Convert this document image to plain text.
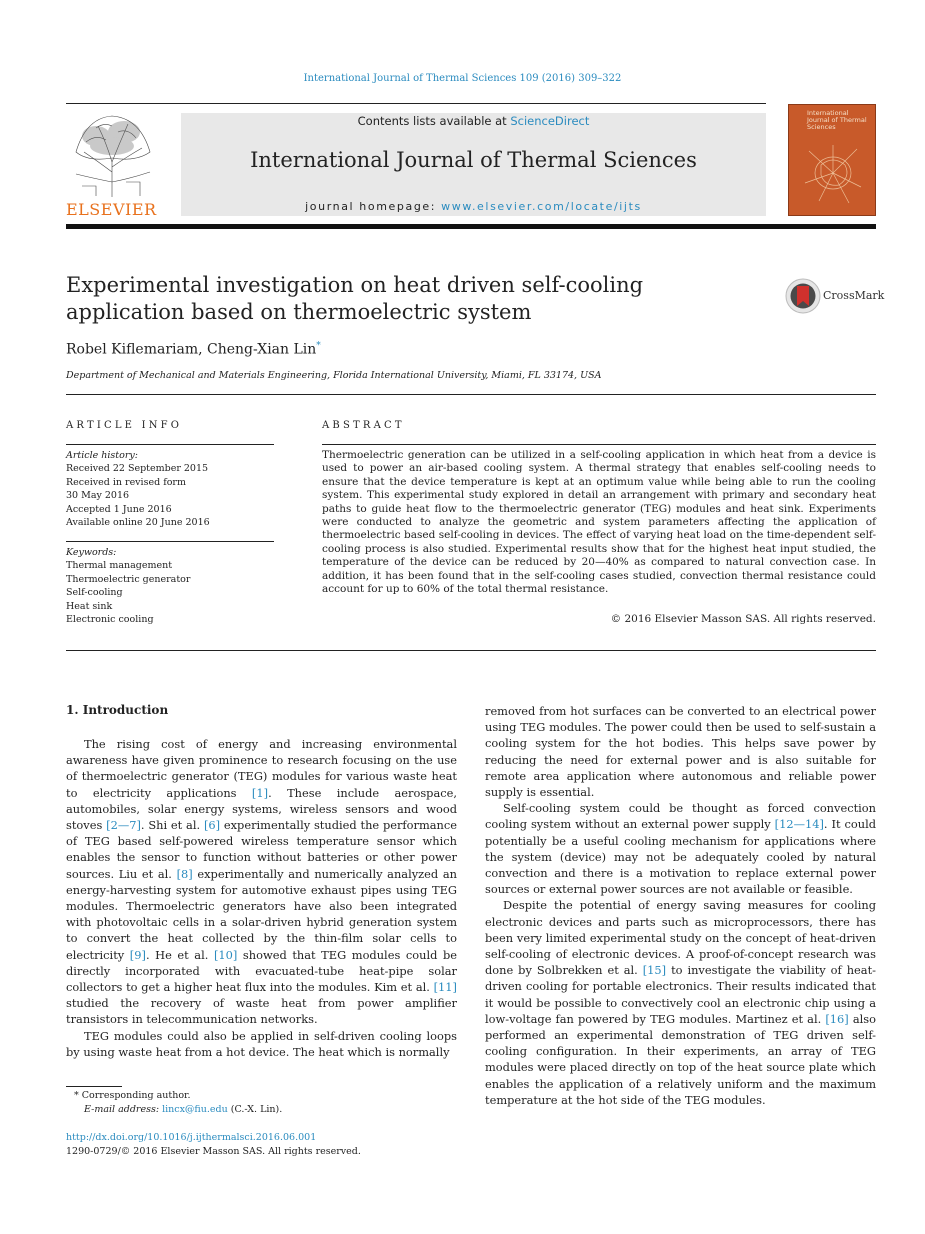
International Journal of Thermal Sciences 109 (2016) 309–322
ELSEVIER
Contents lists available at ScienceDirect
International Journal of Thermal Sciences
journal homepage: www.elsevier.com/locate/ijts
International Journal of Thermal Sciences
Experimental investigation on heat driven self-cooling application based on thermoelectric system
CrossMark
Robel Kiflemariam, Cheng-Xian Lin*
Department of Mechanical and Materials Engineering, Florida International University, Miami, FL 33174, USA
ARTICLE INFO
Article history:
Received 22 September 2015
Received in revised form
30 May 2016
Accepted 1 June 2016
Available online 20 June 2016
Keywords:
Thermal management
Thermoelectric generator
Self-cooling
Heat sink
Electronic cooling
ABSTRACT
Thermoelectric generation can be utilized in a self-cooling application in which heat from a device is used to power an air-based cooling system. A thermal strategy that enables self-cooling needs to ensure that the device temperature is kept at an optimum value while being able to run the cooling system. This experimental study explored in detail an arrangement with primary and secondary heat paths to guide heat flow to the thermoelectric generator (TEG) modules and heat sink. Experiments were conducted to analyze the geometric and system parameters affecting the application of thermoelectric based self-cooling in devices. The effect of varying heat load on the time-dependent self-cooling process is also studied. Experimental results show that for the highest heat input studied, the temperature of the device can be reduced by 20—40% as compared to natural convection case. In addition, it has been found that in the self-cooling cases studied, convection thermal resistance could account for up to 60% of the total thermal resistance.
© 2016 Elsevier Masson SAS. All rights reserved.
1. Introduction

The rising cost of energy and increasing environmental awareness have given prominence to research focusing on the use of thermoelectric generator (TEG) modules for various waste heat to electricity applications [1]. These include aerospace, automobiles, solar energy systems, wireless sensors and wood stoves [2—7]. Shi et al. [6] experimentally studied the performance of TEG based self-powered wireless temperature sensor which enables the sensor to function without batteries or other power sources. Liu et al. [8] experimentally and numerically analyzed an energy-harvesting system for automotive exhaust pipes using TEG modules. Thermoelectric generators have also been integrated with photovoltaic cells in a solar-driven hybrid generation system to convert the heat collected by the thin-film solar cells to electricity [9]. He et al. [10] showed that TEG modules could be directly incorporated with evacuated-tube heat-pipe solar collectors to get a higher heat flux into the modules. Kim et al. [11] studied the recovery of waste heat from power amplifier transistors in telecommunication networks.

TEG modules could also be applied in self-driven cooling loops by using waste heat from a hot device. The heat which is normally

removed from hot surfaces can be converted to an electrical power using TEG modules. The power could then be used to self-sustain a cooling system for the hot bodies. This helps save power by reducing the need for external power and is also suitable for remote area application where autonomous and reliable power supply is essential.

Self-cooling system could be thought as forced convection cooling system without an external power supply [12—14]. It could potentially be a useful cooling mechanism for applications where the system (device) may not be adequately cooled by natural convection and there is a motivation to replace external power sources or external power sources are not available or feasible.

Despite the potential of energy saving measures for cooling electronic devices and parts such as microprocessors, there has been very limited experimental study on the concept of heat-driven self-cooling of electronic devices. A proof-of-concept research was done by Solbrekken et al. [15] to investigate the viability of heat-driven cooling for portable electronics. Their results indicated that it would be possible to convectively cool an electronic chip using a low-voltage fan powered by TEG modules. Martinez et al. [16] also performed an experimental demonstration of TEG driven self-cooling configuration. In their experiments, an array of TEG modules were placed directly on top of the heat source plate which enables the application of a relatively uniform and the maximum temperature at the hot side of the TEG modules.

* Corresponding author.
E-mail address: lincx@fiu.edu (C.-X. Lin).
http://dx.doi.org/10.1016/j.ijthermalsci.2016.06.001
1290-0729/© 2016 Elsevier Masson SAS. All rights reserved.
